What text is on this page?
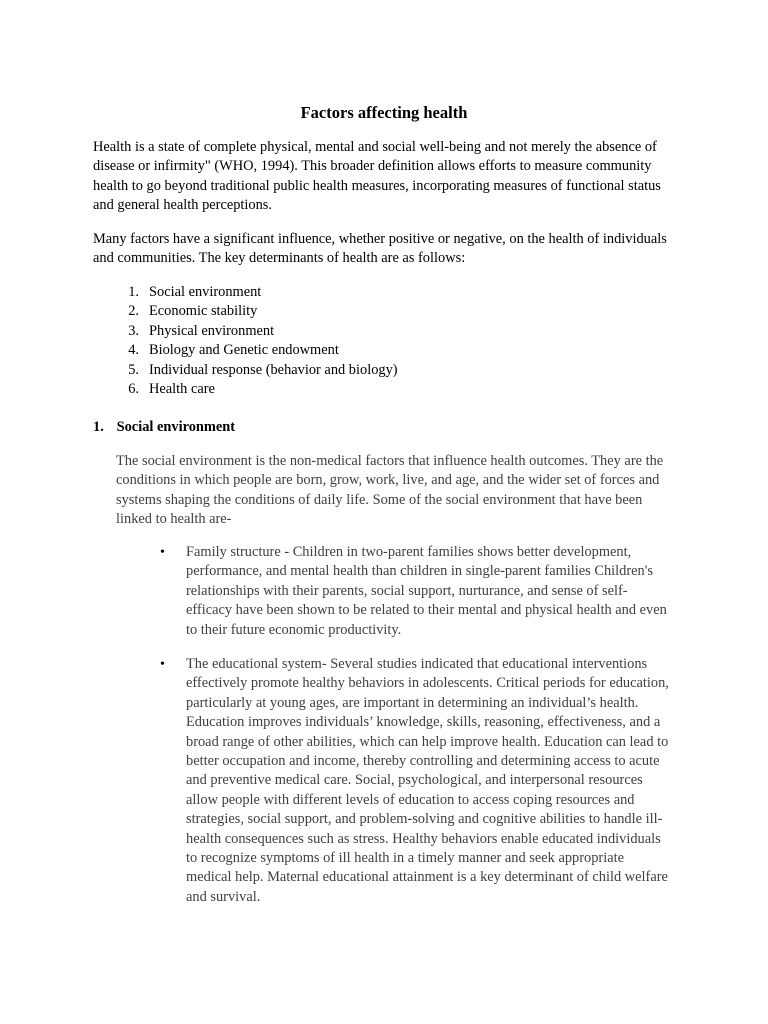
Factors affecting health

Health is a state of complete physical, mental and social well-being and not merely the absence of disease or infirmity" (WHO, 1994). This broader definition allows efforts to measure community health to go beyond traditional public health measures, incorporating measures of functional status and general health perceptions.

Many factors have a significant influence, whether positive or negative, on the health of individuals and communities. The key determinants of health are as follows:

1. Social environment
2. Economic stability
3. Physical environment
4. Biology and Genetic endowment
5. Individual response (behavior and biology)
6. Health care
1. Social environment

The social environment is the non-medical factors that influence health outcomes. They are the conditions in which people are born, grow, work, live, and age, and the wider set of forces and systems shaping the conditions of daily life. Some of the social environment that have been linked to health are-

• Family structure - Children in two-parent families shows better development, performance, and mental health than children in single-parent families Children's relationships with their parents, social support, nurturance, and sense of self-efficacy have been shown to be related to their mental and physical health and even to their future economic productivity.
• The educational system- Several studies indicated that educational interventions effectively promote healthy behaviors in adolescents. Critical periods for education, particularly at young ages, are important in determining an individual’s health. Education improves individuals’ knowledge, skills, reasoning, effectiveness, and a broad range of other abilities, which can help improve health. Education can lead to better occupation and income, thereby controlling and determining access to acute and preventive medical care. Social, psychological, and interpersonal resources allow people with different levels of education to access coping resources and strategies, social support, and problem-solving and cognitive abilities to handle ill-health consequences such as stress. Healthy behaviors enable educated individuals to recognize symptoms of ill health in a timely manner and seek appropriate medical help. Maternal educational attainment is a key determinant of child welfare and survival.
